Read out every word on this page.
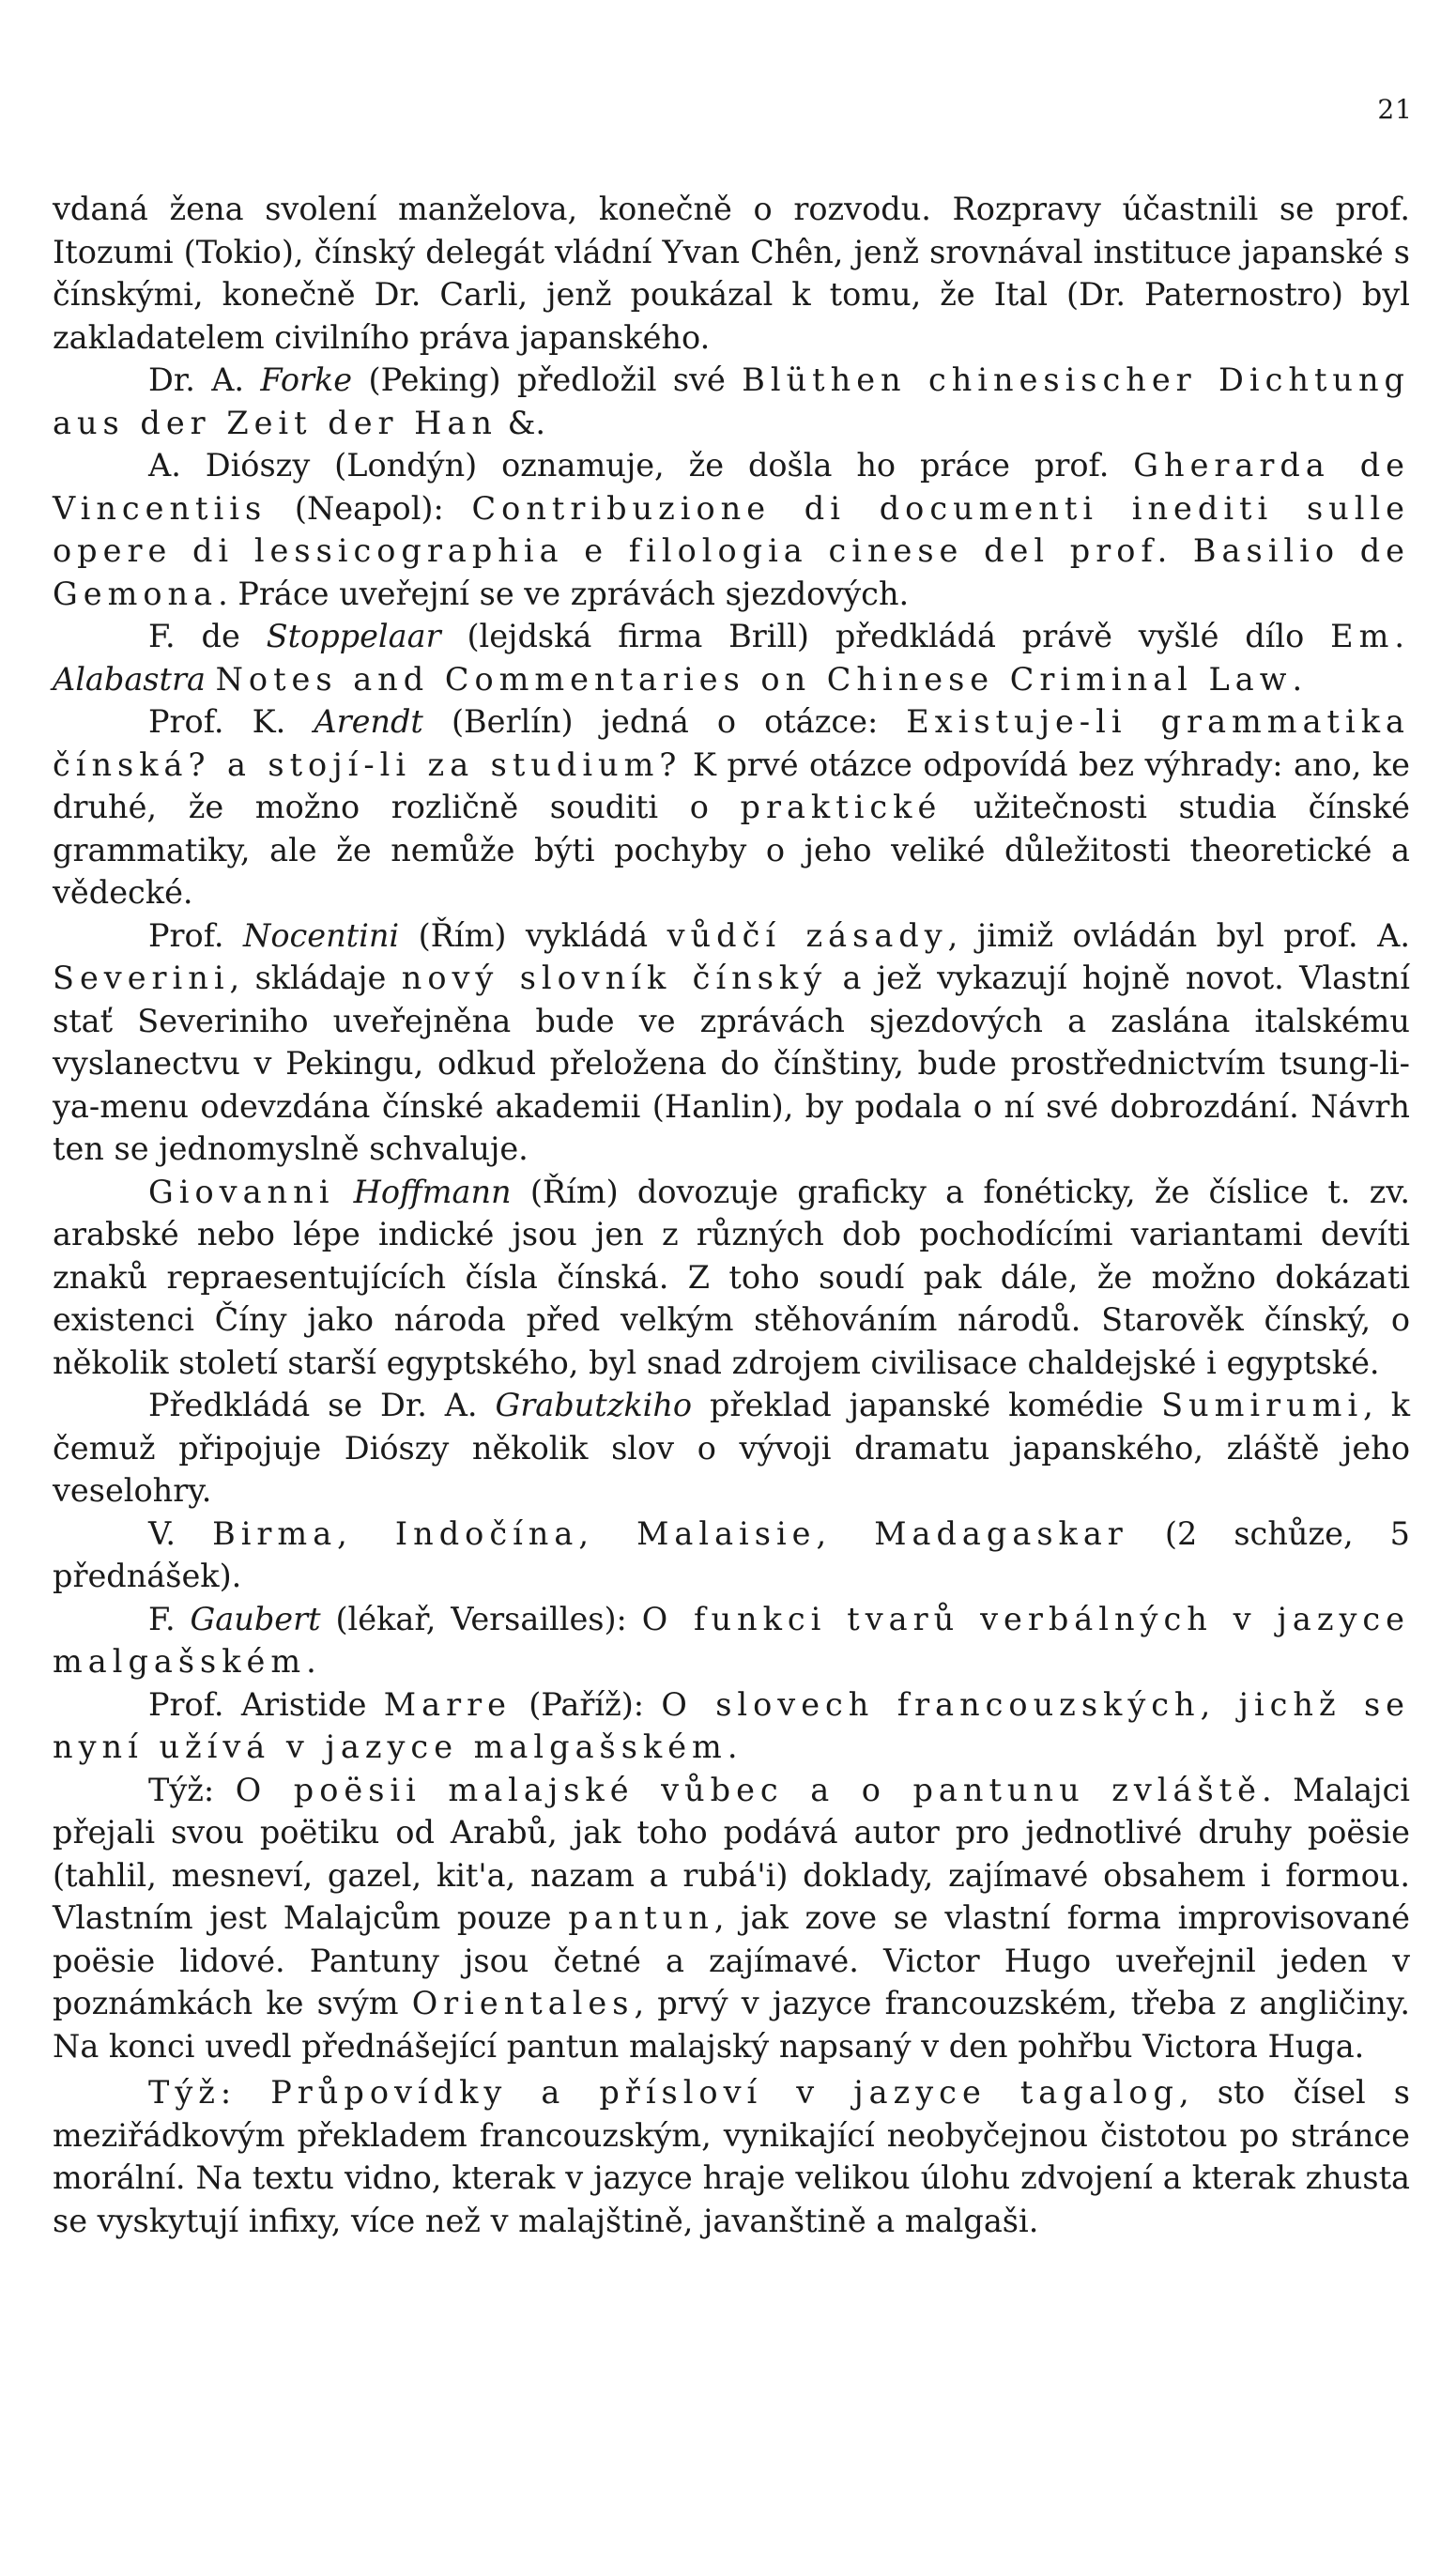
21

vdaná žena svolení manželova, konečně o rozvodu. Rozpravy účastnili se prof. Itozumi (Tokio), čínský delegát vládní Yvan Chên, jenž srovnával instituce japanské s čínskými, konečně Dr. Carli, jenž poukázal k tomu, že Ital (Dr. Paternostro) byl zakladatelem civilního práva japanského.

Dr. A. Forke (Peking) předložil své Blüthen chinesischer Dichtung aus der Zeit der Han &.

A. Diószy (Londýn) oznamuje, že došla ho práce prof. Gherarda de Vincentiis (Neapol): Contribuzione di documenti inediti sulle opere di lessicographia e filologia cinese del prof. Basilio de Gemona. Práce uveřejní se ve zprávách sjezdových.

F. de Stoppelaar (lejdská firma Brill) předkládá právě vyšlé dílo Em. Alabastra Notes and Commentaries on Chinese Criminal Law.

Prof. K. Arendt (Berlín) jedná o otázce: Existuje-li grammatika čínská? a stojí-li za studium? K prvé otázce odpovídá bez výhrady: ano, ke druhé, že možno rozličně souditi o praktické užitečnosti studia čínské grammatiky, ale že nemůže býti pochyby o jeho veliké důležitosti theoretické a vědecké.

Prof. Nocentini (Řím) vykládá vůdčí zásady, jimiž ovládán byl prof. A. Severini, skládaje nový slovník čínský a jež vykazují hojně novot. Vlastní stať Severiniho uveřejněna bude ve zprávách sjezdových a zaslána italskému vyslanectvu v Pekingu, odkud přeložena do čínštiny, bude prostřednictvím tsung-li-ya-menu odevzdána čínské akademii (Hanlin), by podala o ní své dobrozdání. Návrh ten se jednomyslně schvaluje.

Giovanni Hoffmann (Řím) dovozuje graficky a fonéticky, že číslice t. zv. arabské nebo lépe indické jsou jen z různých dob pochodícími variantami devíti znaků repraesentujících čísla čínská. Z toho soudí pak dále, že možno dokázati existenci Číny jako národa před velkým stěhováním národů. Starověk čínský, o několik století starší egyptského, byl snad zdrojem civilisace chaldejské i egyptské.

Předkládá se Dr. A. Grabutzkiho překlad japanské komédie Sumirumi, k čemuž připojuje Diószy několik slov o vývoji dramatu japanského, zláště jeho veselohry.

V. Birma, Indočína, Malaisie, Madagaskar (2 schůze, 5 přednášek).

F. Gaubert (lékař, Versailles): O funkci tvarů verbálných v jazyce malgašském.

Prof. Aristide Marre (Paříž): O slovech francouzských, jichž se nyní užívá v jazyce malgašském.

Týž: O poësii malajské vůbec a o pantunu zvláště. Malajci přejali svou poëtiku od Arabů, jak toho podává autor pro jednotlivé druhy poësie (tahlil, mesneví, gazel, kit'a, nazam a rubá'i) doklady, zajímavé obsahem i formou. Vlastním jest Malajcům pouze pantun, jak zove se vlastní forma improvisované poësie lidové. Pantuny jsou četné a zajímavé. Victor Hugo uveřejnil jeden v poznámkách ke svým Orientales, prvý v jazyce francouzském, třeba z angličiny. Na konci uvedl přednášející pantun malajský napsaný v den pohřbu Victora Huga.

Týž: Průpovídky a přísloví v jazyce tagalog, sto čísel s meziřádkovým překladem francouzským, vynikající neobyčejnou čistotou po stránce morální. Na textu vidno, kterak v jazyce hraje velikou úlohu zdvojení a kterak zhusta se vyskytují infixy, více než v malajštině, javanštině a malgaši.
